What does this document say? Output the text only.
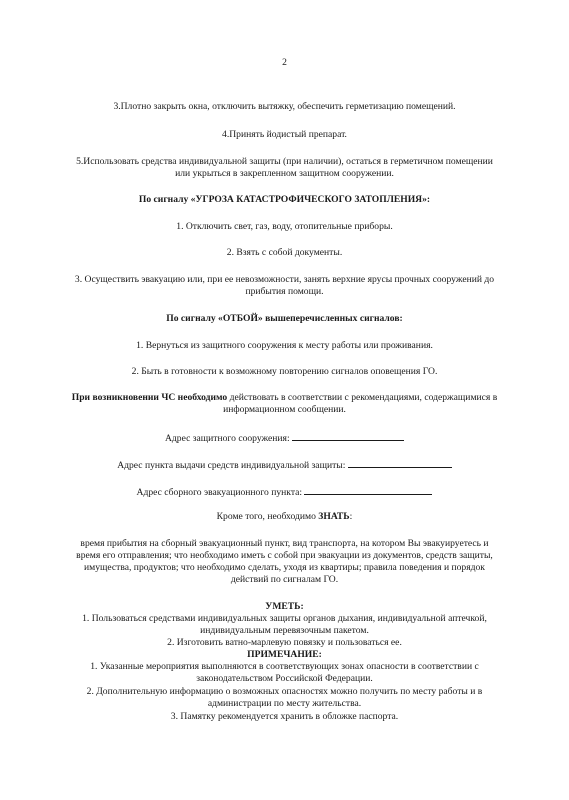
2
3.Плотно закрыть окна, отключить вытяжку, обеспечить герметизацию помещений.
4.Принять йодистый препарат.
5.Использовать средства индивидуальной защиты (при наличии), остаться в герметичном помещении
или укрыться в закрепленном защитном сооружении.
По сигналу «УГРОЗА КАТАСТРОФИЧЕСКОГО ЗАТОПЛЕНИЯ»:
1. Отключить свет, газ, воду, отопительные приборы.
2. Взять с собой документы.
3. Осуществить эвакуацию или, при ее невозможности, занять верхние ярусы прочных сооружений до
прибытия помощи.
По сигналу «ОТБОЙ» вышеперечисленных сигналов:
1. Вернуться из защитного сооружения к месту работы или проживания.
2. Быть в готовности к возможному повторению сигналов оповещения ГО.
При возникновении ЧС необходимо действовать в соответствии с рекомендациями, содержащимися в
информационном сообщении.
Адрес защитного сооружения:
Адрес пункта выдачи средств индивидуальной защиты:
Адрес сборного эвакуационного пункта:
Кроме того, необходимо ЗНАТЬ:
время прибытия на сборный эвакуационный пункт, вид транспорта, на котором Вы эвакуируетесь и
время его отправления; что необходимо иметь с собой при эвакуации из документов, средств защиты,
имущества, продуктов; что необходимо сделать, уходя из квартиры; правила поведения и порядок
действий по сигналам ГО.
УМЕТЬ:
1. Пользоваться средствами индивидуальных защиты органов дыхания, индивидуальной аптечкой,
индивидуальным перевязочным пакетом.
2. Изготовить ватно-марлевую повязку и пользоваться ее.
ПРИМЕЧАНИЕ:
1. Указанные мероприятия выполняются в соответствующих зонах опасности в соответствии с
законодательством Российской Федерации.
2. Дополнительную информацию о возможных опасностях можно получить по месту работы и в
администрации по месту жительства.
3. Памятку рекомендуется хранить в обложке паспорта.
